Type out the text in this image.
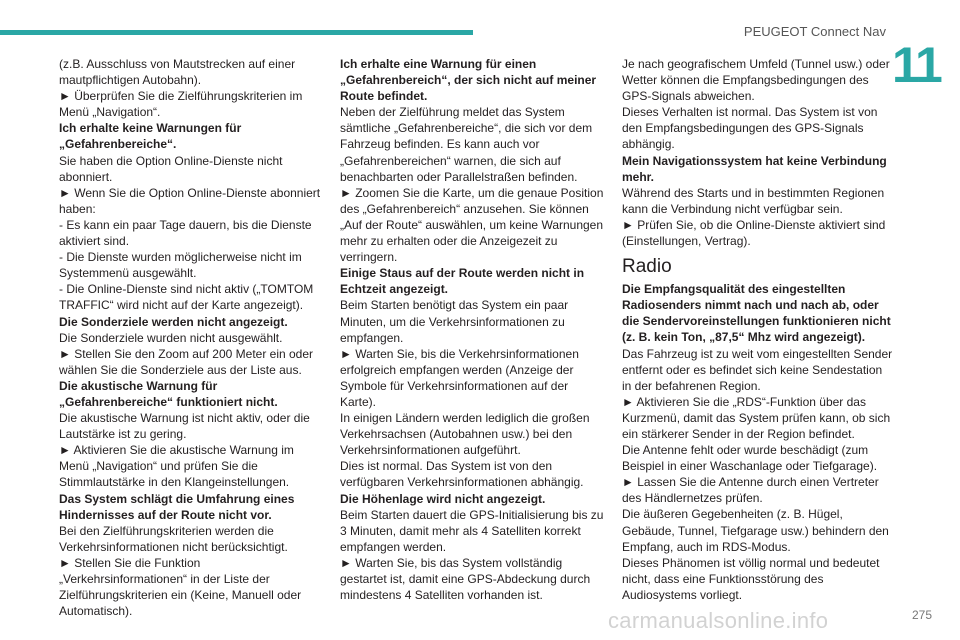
PEUGEOT Connect Nav
11

(z.B. Ausschluss von Mautstrecken auf einer mautpflichtigen Autobahn).

► Überprüfen Sie die Zielführungskriterien im Menü „Navigation“.

Ich erhalte keine Warnungen für „Gefahrenbereiche“.

Sie haben die Option Online-Dienste nicht abonniert.

► Wenn Sie die Option Online-Dienste abonniert haben:

- Es kann ein paar Tage dauern, bis die Dienste aktiviert sind.

- Die Dienste wurden möglicherweise nicht im Systemmenü ausgewählt.

- Die Online-Dienste sind nicht aktiv („TOMTOM TRAFFIC“ wird nicht auf der Karte angezeigt).

Die Sonderziele werden nicht angezeigt.

Die Sonderziele wurden nicht ausgewählt.

► Stellen Sie den Zoom auf 200 Meter ein oder wählen Sie die Sonderziele aus der Liste aus.

Die akustische Warnung für „Gefahrenbereiche“ funktioniert nicht.

Die akustische Warnung ist nicht aktiv, oder die Lautstärke ist zu gering.

► Aktivieren Sie die akustische Warnung im Menü „Navigation“ und prüfen Sie die Stimmlautstärke in den Klangeinstellungen.

Das System schlägt die Umfahrung eines Hindernisses auf der Route nicht vor.

Bei den Zielführungskriterien werden die Verkehrsinformationen nicht berücksichtigt.

► Stellen Sie die Funktion „Verkehrsinformationen“ in der Liste der Zielführungskriterien ein (Keine, Manuell oder Automatisch).

Ich erhalte eine Warnung für einen „Gefahrenbereich“, der sich nicht auf meiner Route befindet.

Neben der Zielführung meldet das System sämtliche „Gefahrenbereiche“, die sich vor dem Fahrzeug befinden. Es kann auch vor „Gefahrenbereichen“ warnen, die sich auf benachbarten oder Parallelstraßen befinden.

► Zoomen Sie die Karte, um die genaue Position des „Gefahrenbereich“ anzusehen. Sie können „Auf der Route“ auswählen, um keine Warnungen mehr zu erhalten oder die Anzeigezeit zu verringern.

Einige Staus auf der Route werden nicht in Echtzeit angezeigt.

Beim Starten benötigt das System ein paar Minuten, um die Verkehrsinformationen zu empfangen.

► Warten Sie, bis die Verkehrsinformationen erfolgreich empfangen werden (Anzeige der Symbole für Verkehrsinformationen auf der Karte).

In einigen Ländern werden lediglich die großen Verkehrsachsen (Autobahnen usw.) bei den Verkehrsinformationen aufgeführt.

Dies ist normal. Das System ist von den verfügbaren Verkehrsinformationen abhängig.

Die Höhenlage wird nicht angezeigt.

Beim Starten dauert die GPS-Initialisierung bis zu 3 Minuten, damit mehr als 4 Satelliten korrekt empfangen werden.

► Warten Sie, bis das System vollständig gestartet ist, damit eine GPS-Abdeckung durch mindestens 4 Satelliten vorhanden ist.

Je nach geografischem Umfeld (Tunnel usw.) oder Wetter können die Empfangsbedingungen des GPS-Signals abweichen.

Dieses Verhalten ist normal. Das System ist von den Empfangsbedingungen des GPS-Signals abhängig.

Mein Navigationssystem hat keine Verbindung mehr.

Während des Starts und in bestimmten Regionen kann die Verbindung nicht verfügbar sein.

► Prüfen Sie, ob die Online-Dienste aktiviert sind (Einstellungen, Vertrag).

Radio

Die Empfangsqualität des eingestellten Radiosenders nimmt nach und nach ab, oder die Sendervoreinstellungen funktionieren nicht (z. B. kein Ton, „87,5“ Mhz wird angezeigt).

Das Fahrzeug ist zu weit vom eingestellten Sender entfernt oder es befindet sich keine Sendestation in der befahrenen Region.

► Aktivieren Sie die „RDS“-Funktion über das Kurzmenü, damit das System prüfen kann, ob sich ein stärkerer Sender in der Region befindet.

Die Antenne fehlt oder wurde beschädigt (zum Beispiel in einer Waschanlage oder Tiefgarage).

► Lassen Sie die Antenne durch einen Vertreter des Händlernetzes prüfen.

Die äußeren Gegebenheiten (z. B. Hügel, Gebäude, Tunnel, Tiefgarage usw.) behindern den Empfang, auch im RDS-Modus.

Dieses Phänomen ist völlig normal und bedeutet nicht, dass eine Funktionsstörung des Audiosystems vorliegt.

carmanualsonline.info	275
